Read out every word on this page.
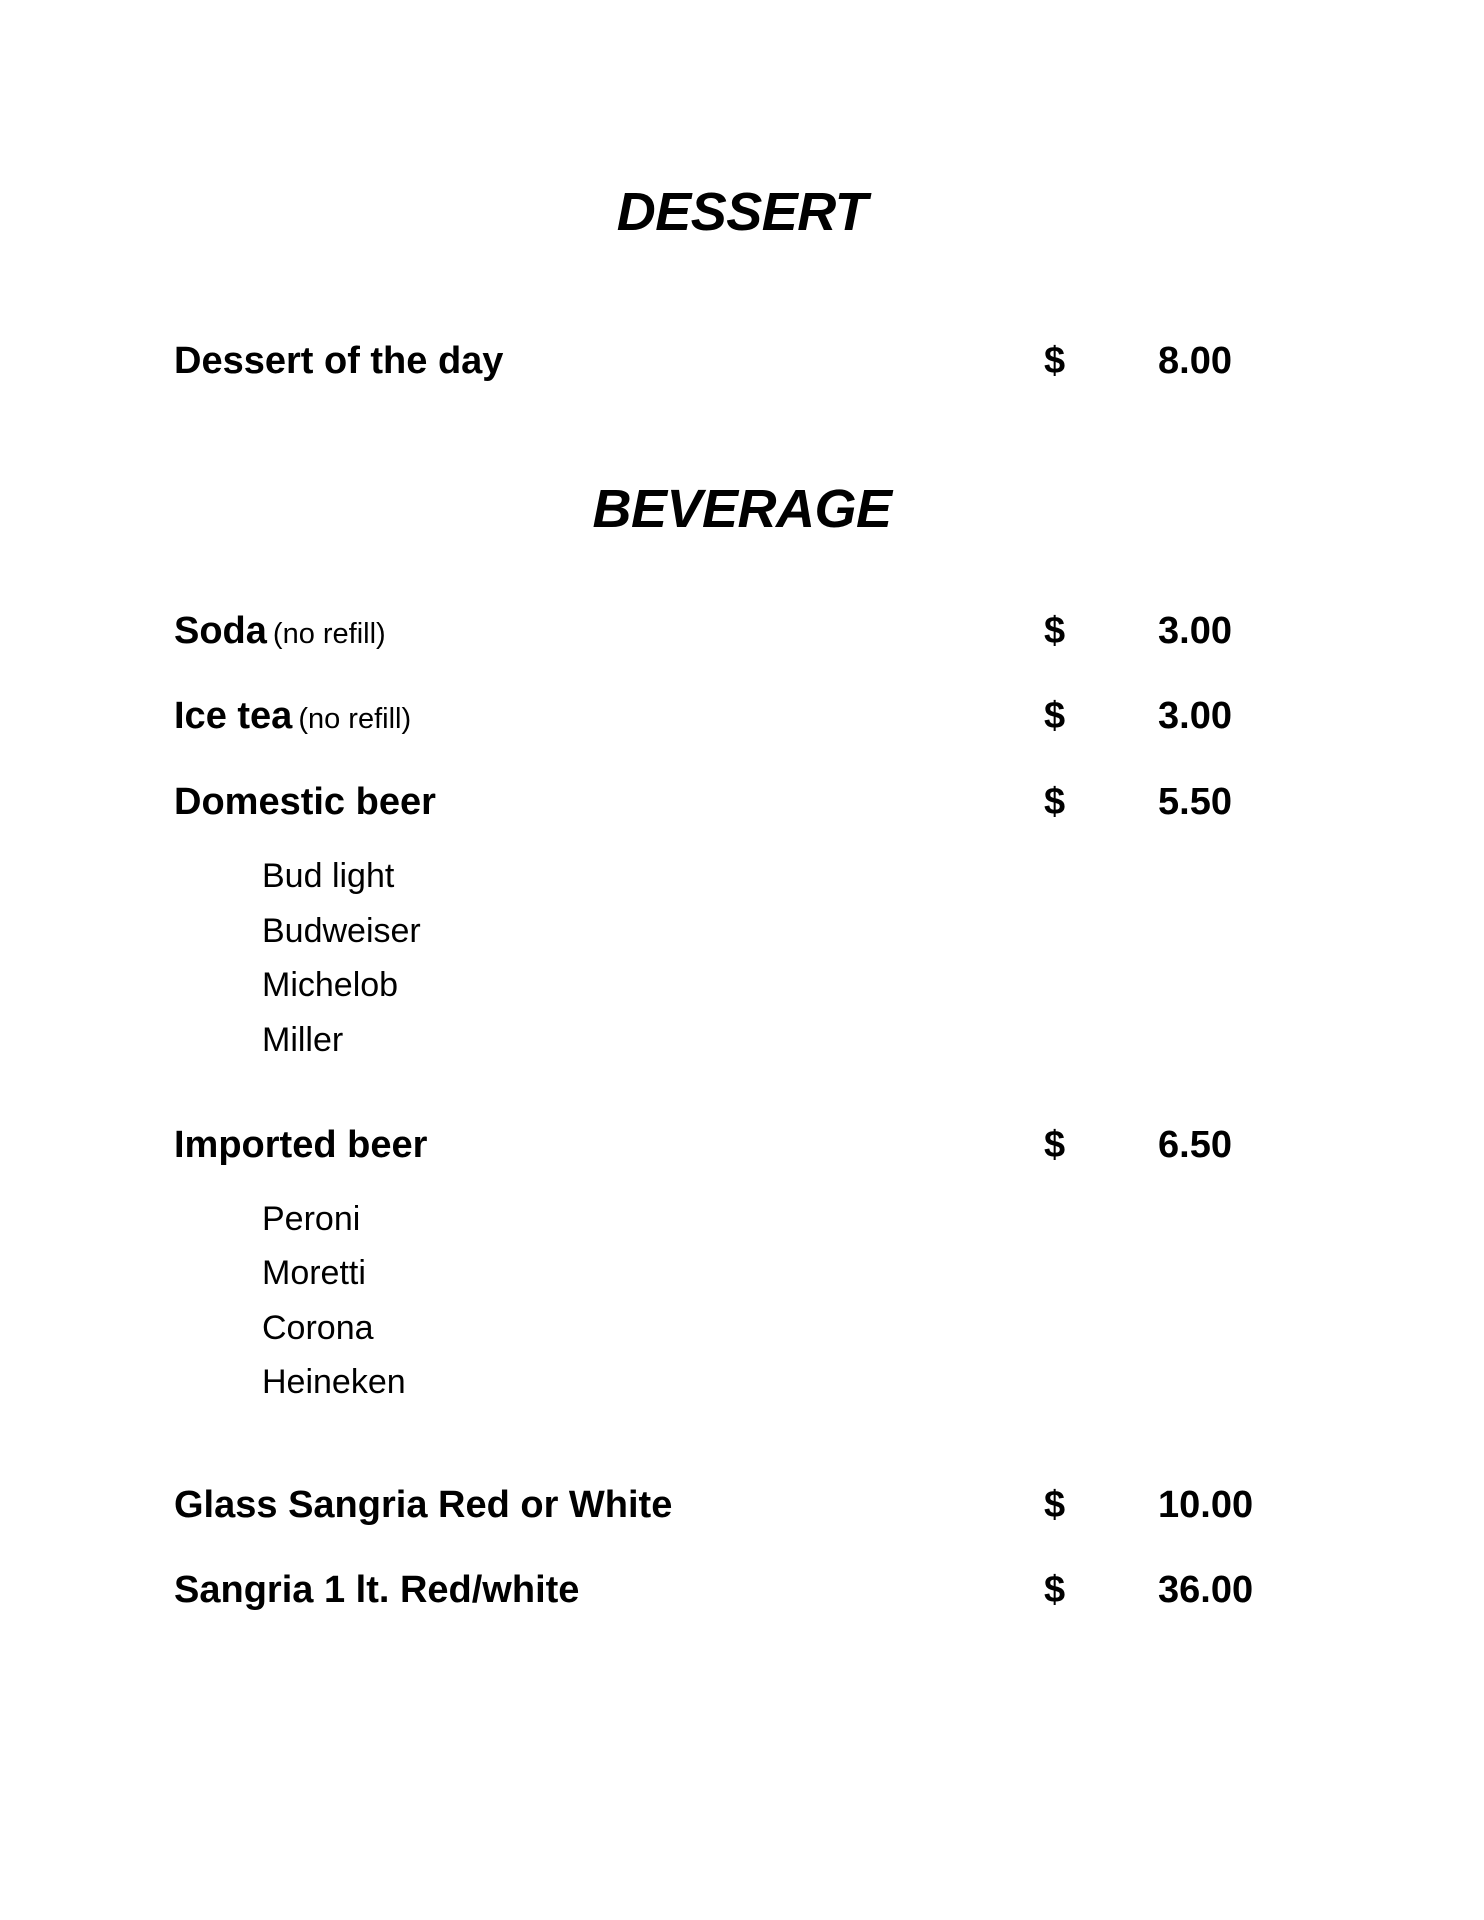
DESSERT
Dessert of the day	$ 8.00
BEVERAGE
Soda (no refill)	$ 3.00
Ice tea (no refill)	$ 3.00
Domestic beer	$ 5.50
Bud light
Budweiser
Michelob
Miller
Imported beer	$ 6.50
Peroni
Moretti
Corona
Heineken
Glass Sangria Red or White	$ 10.00
Sangria 1 lt. Red/white	$ 36.00
